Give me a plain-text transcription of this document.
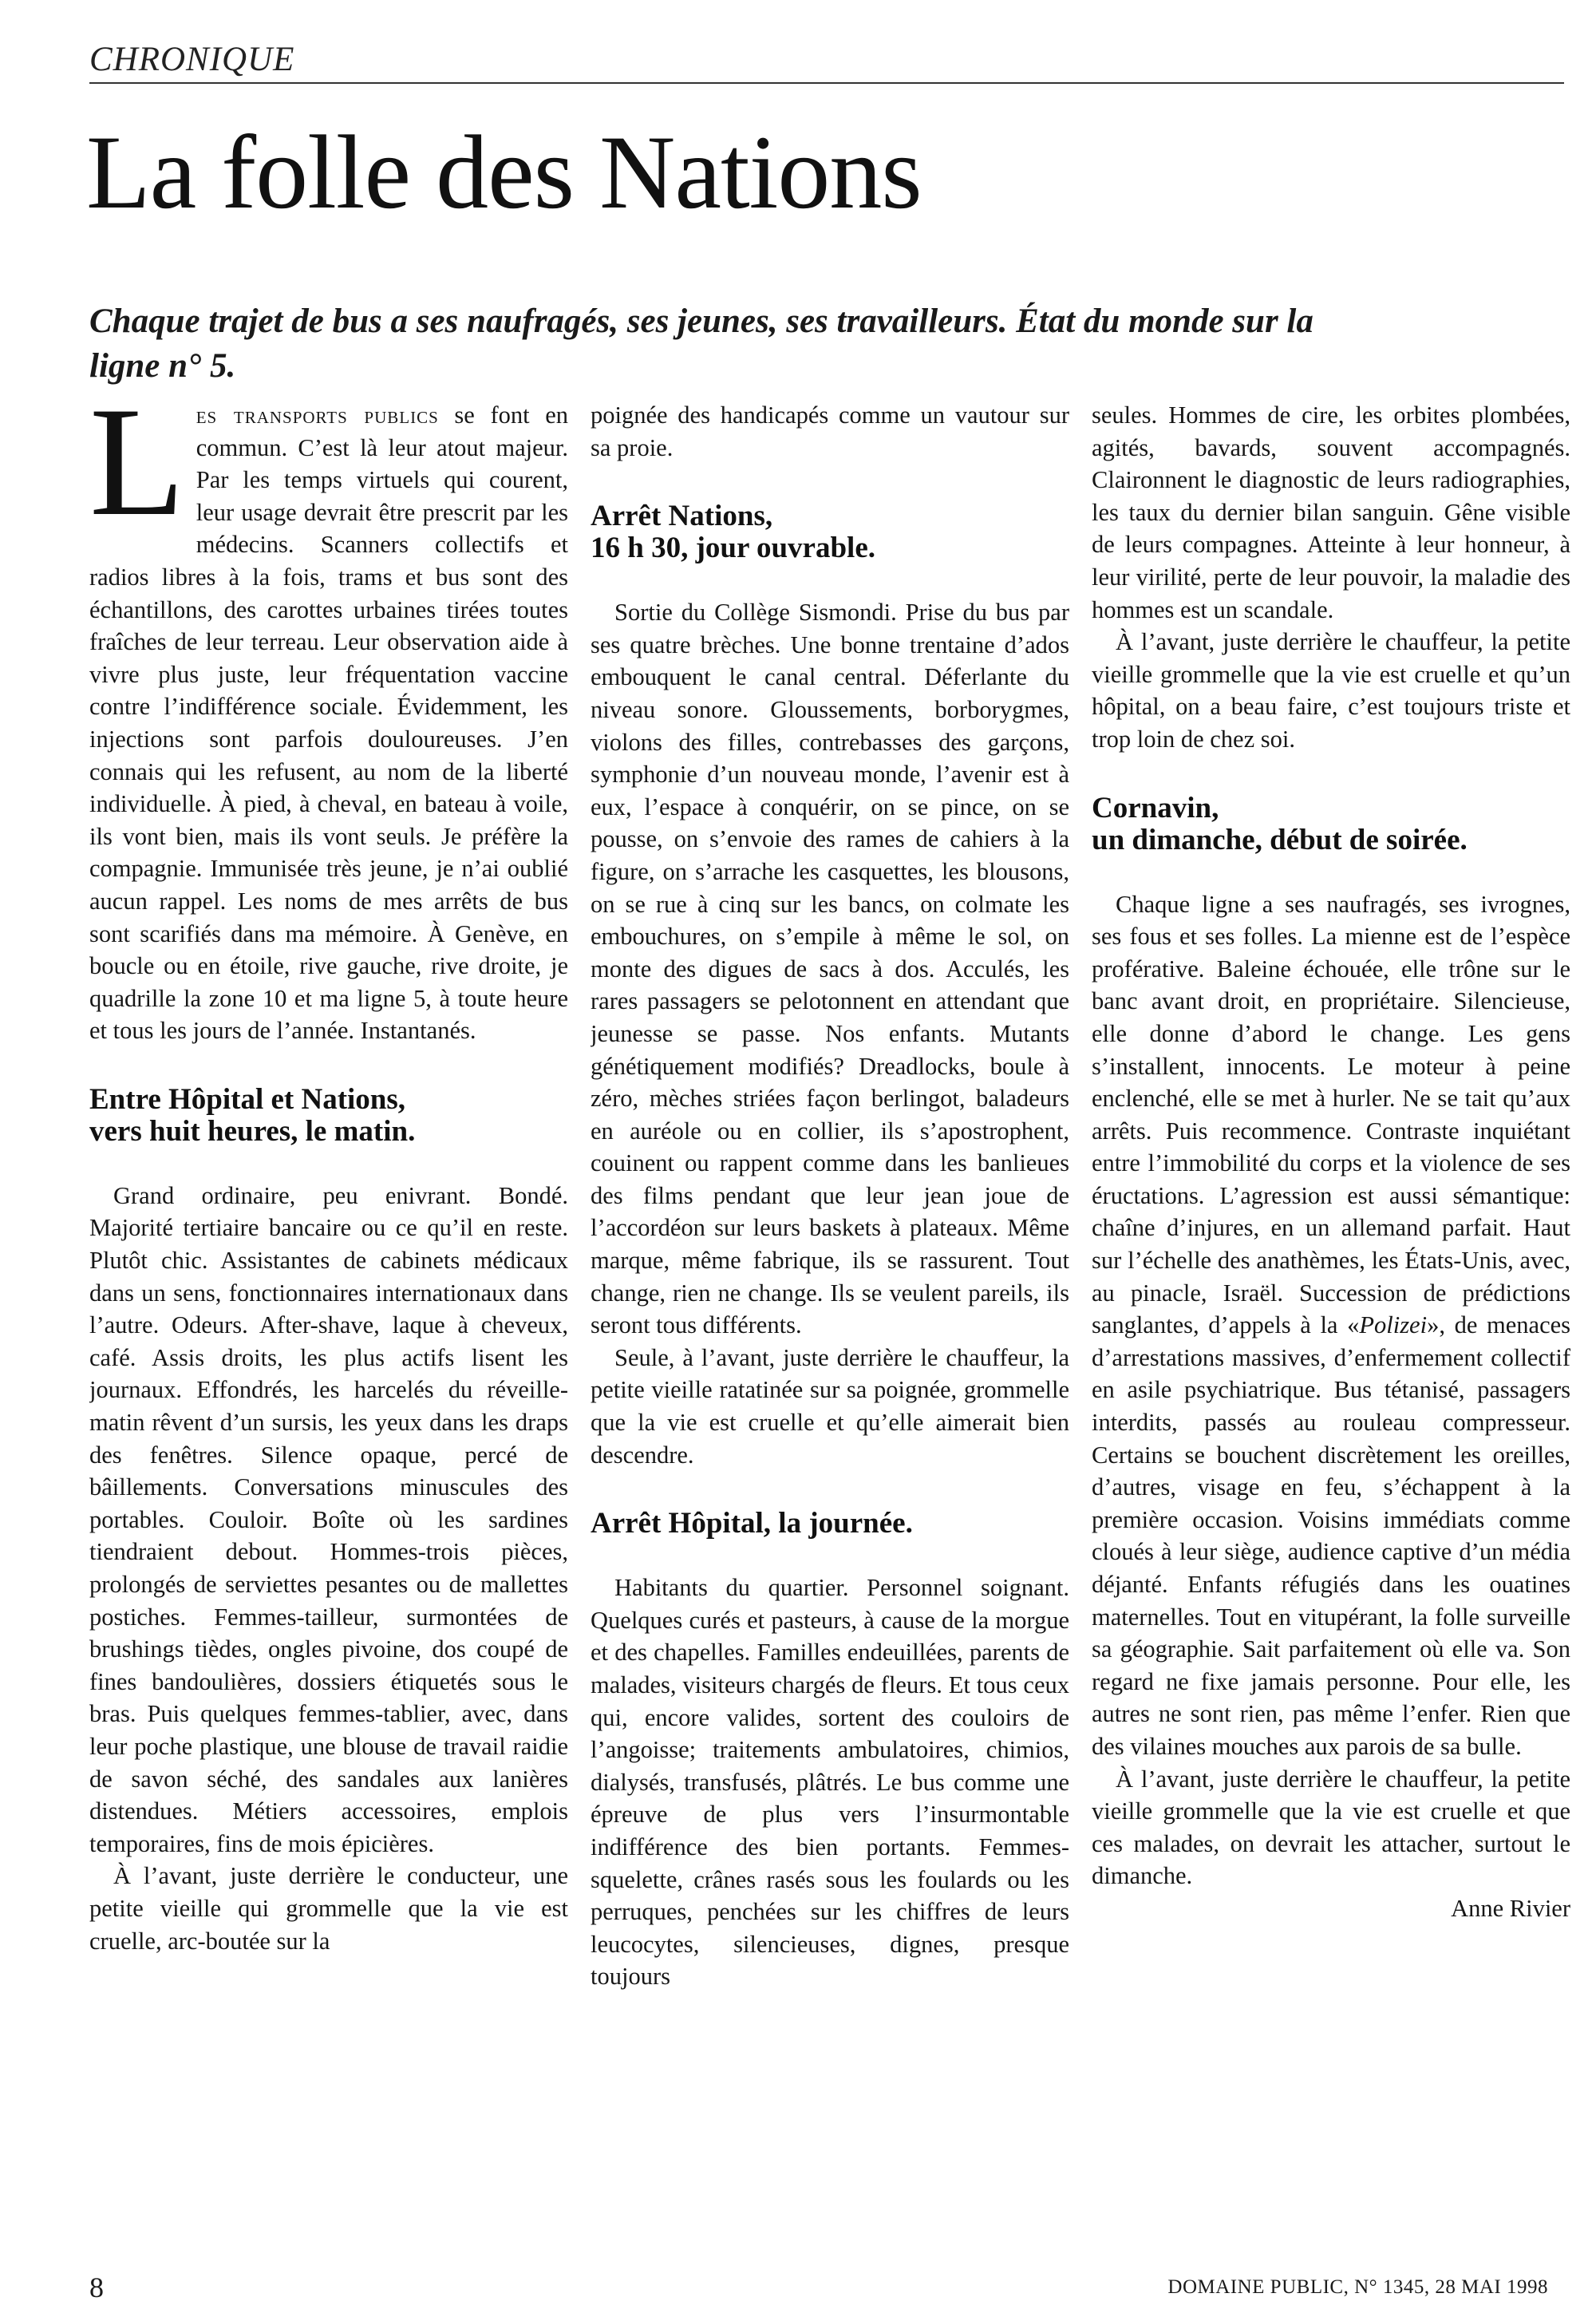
CHRONIQUE
La folle des Nations

Chaque trajet de bus a ses naufragés, ses jeunes, ses travailleurs. État du monde sur la ligne n° 5.

Les transports publics se font en commun. C’est là leur atout majeur. Par les temps virtuels qui courent, leur usage devrait être prescrit par les médecins. Scanners collectifs et radios libres à la fois, trams et bus sont des échantillons, des carottes urbaines tirées toutes fraîches de leur terreau. Leur observation aide à vivre plus juste, leur fréquentation vaccine contre l’indifférence sociale. Évidemment, les injections sont parfois douloureuses. J’en connais qui les refusent, au nom de la liberté individuelle. À pied, à cheval, en bateau à voile, ils vont bien, mais ils vont seuls. Je préfère la compagnie. Immunisée très jeune, je n’ai oublié aucun rappel. Les noms de mes arrêts de bus sont scarifiés dans ma mémoire. À Genève, en boucle ou en étoile, rive gauche, rive droite, je quadrille la zone 10 et ma ligne 5, à toute heure et tous les jours de l’année. Instantanés.

Entre Hôpital et Nations,
vers huit heures, le matin.

Grand ordinaire, peu enivrant. Bondé. Majorité tertiaire bancaire ou ce qu’il en reste. Plutôt chic. Assistantes de cabinets médicaux dans un sens, fonctionnaires internationaux dans l’autre. Odeurs. After-shave, laque à cheveux, café. Assis droits, les plus actifs lisent les journaux. Effondrés, les harcelés du réveille-matin rêvent d’un sursis, les yeux dans les draps des fenêtres. Silence opaque, percé de bâillements. Conversations minuscules des portables. Couloir. Boîte où les sardines tiendraient debout. Hommes-trois pièces, prolongés de serviettes pesantes ou de mallettes postiches. Femmes-tailleur, surmontées de brushings tièdes, ongles pivoine, dos coupé de fines bandoulières, dossiers étiquetés sous le bras. Puis quelques femmes-tablier, avec, dans leur poche plastique, une blouse de travail raidie de savon séché, des sandales aux lanières distendues. Métiers accessoires, emplois temporaires, fins de mois épicières.

À l’avant, juste derrière le conducteur, une petite vieille qui grommelle que la vie est cruelle, arc-boutée sur la

poignée des handicapés comme un vautour sur sa proie.

Arrêt Nations,
16 h 30, jour ouvrable.

Sortie du Collège Sismondi. Prise du bus par ses quatre brèches. Une bonne trentaine d’ados embouquent le canal central. Déferlante du niveau sonore. Gloussements, borborygmes, violons des filles, contrebasses des garçons, symphonie d’un nouveau monde, l’avenir est à eux, l’espace à conquérir, on se pince, on se pousse, on s’envoie des rames de cahiers à la figure, on s’arrache les casquettes, les blousons, on se rue à cinq sur les bancs, on colmate les embouchures, on s’empile à même le sol, on monte des digues de sacs à dos. Acculés, les rares passagers se pelotonnent en attendant que jeunesse se passe. Nos enfants. Mutants génétiquement modifiés? Dreadlocks, boule à zéro, mèches striées façon berlingot, baladeurs en auréole ou en collier, ils s’apostrophent, couinent ou rappent comme dans les banlieues des films pendant que leur jean joue de l’accordéon sur leurs baskets à plateaux. Même marque, même fabrique, ils se rassurent. Tout change, rien ne change. Ils se veulent pareils, ils seront tous différents.

Seule, à l’avant, juste derrière le chauffeur, la petite vieille ratatinée sur sa poignée, grommelle que la vie est cruelle et qu’elle aimerait bien descendre.

Arrêt Hôpital, la journée.

Habitants du quartier. Personnel soignant. Quelques curés et pasteurs, à cause de la morgue et des chapelles. Familles endeuillées, parents de malades, visiteurs chargés de fleurs. Et tous ceux qui, encore valides, sortent des couloirs de l’angoisse; traitements ambulatoires, chimios, dialysés, transfusés, plâtrés. Le bus comme une épreuve de plus vers l’insurmontable indifférence des bien portants. Femmes-squelette, crânes rasés sous les foulards ou les perruques, penchées sur les chiffres de leurs leucocytes, silencieuses, dignes, presque toujours

seules. Hommes de cire, les orbites plombées, agités, bavards, souvent accompagnés. Claironnent le diagnostic de leurs radiographies, les taux du dernier bilan sanguin. Gêne visible de leurs compagnes. Atteinte à leur honneur, à leur virilité, perte de leur pouvoir, la maladie des hommes est un scandale.

À l’avant, juste derrière le chauffeur, la petite vieille grommelle que la vie est cruelle et qu’un hôpital, on a beau faire, c’est toujours triste et trop loin de chez soi.

Cornavin,
un dimanche, début de soirée.

Chaque ligne a ses naufragés, ses ivrognes, ses fous et ses folles. La mienne est de l’espèce proférative. Baleine échouée, elle trône sur le banc avant droit, en propriétaire. Silencieuse, elle donne d’abord le change. Les gens s’installent, innocents. Le moteur à peine enclenché, elle se met à hurler. Ne se tait qu’aux arrêts. Puis recommence. Contraste inquiétant entre l’immobilité du corps et la violence de ses éructations. L’agression est aussi sémantique: chaîne d’injures, en un allemand parfait. Haut sur l’échelle des anathèmes, les États-Unis, avec, au pinacle, Israël. Succession de prédictions sanglantes, d’appels à la «Polizei», de menaces d’arrestations massives, d’enfermement collectif en asile psychiatrique. Bus tétanisé, passagers interdits, passés au rouleau compresseur. Certains se bouchent discrètement les oreilles, d’autres, visage en feu, s’échappent à la première occasion. Voisins immédiats comme cloués à leur siège, audience captive d’un média déjanté. Enfants réfugiés dans les ouatines maternelles. Tout en vitupérant, la folle surveille sa géographie. Sait parfaitement où elle va. Son regard ne fixe jamais personne. Pour elle, les autres ne sont rien, pas même l’enfer. Rien que des vilaines mouches aux parois de sa bulle.

À l’avant, juste derrière le chauffeur, la petite vieille grommelle que la vie est cruelle et que ces malades, on devrait les attacher, surtout le dimanche.

Anne Rivier

8	DOMAINE PUBLIC, N° 1345, 28 MAI 1998
